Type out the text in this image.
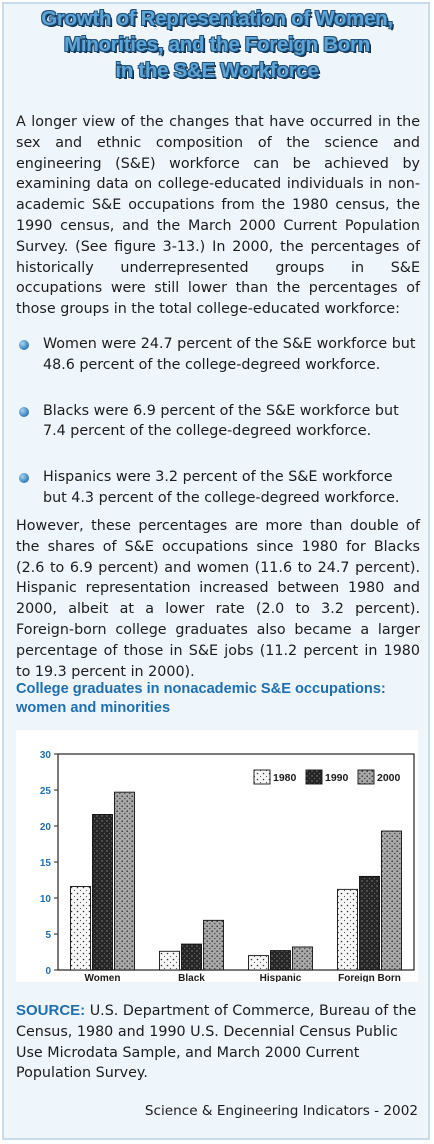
Growth of Representation of Women,
Minorities, and the Foreign Born
in the S&E Workforce

A longer view of the changes that have occurred in the sex and ethnic composition of the science and engineering (S&E) workforce can be achieved by examining data on college-educated individuals in non-academic S&E occupations from the 1980 census, the 1990 census, and the March 2000 Current Population Survey. (See figure 3-13.) In 2000, the percentages of historically underrepresented groups in S&E occupations were still lower than the percentages of those groups in the total college-educated workforce:

Women were 24.7 percent of the S&E workforce but 48.6 percent of the college-degreed workforce.
Blacks were 6.9 percent of the S&E workforce but 7.4 percent of the college-degreed workforce.
Hispanics were 3.2 percent of the S&E workforce but 4.3 percent of the college-degreed workforce.

However, these percentages are more than double of the shares of S&E occupations since 1980 for Blacks (2.6 to 6.9 percent) and women (11.6 to 24.7 percent). Hispanic representation increased between 1980 and 2000, albeit at a lower rate (2.0 to 3.2 percent). Foreign-born college graduates also became a larger percentage of those in S&E jobs (11.2 percent in 1980 to 19.3 percent in 2000).

College graduates in nonacademic S&E occupations: women and minorities
0
5
10
15
20
25
30
Women	Black	Hispanic	Foreign Born
1980	1990	2000

SOURCE: U.S. Department of Commerce, Bureau of the Census, 1980 and 1990 U.S. Decennial Census Public Use Microdata Sample, and March 2000 Current Population Survey.

Science & Engineering Indicators - 2002
